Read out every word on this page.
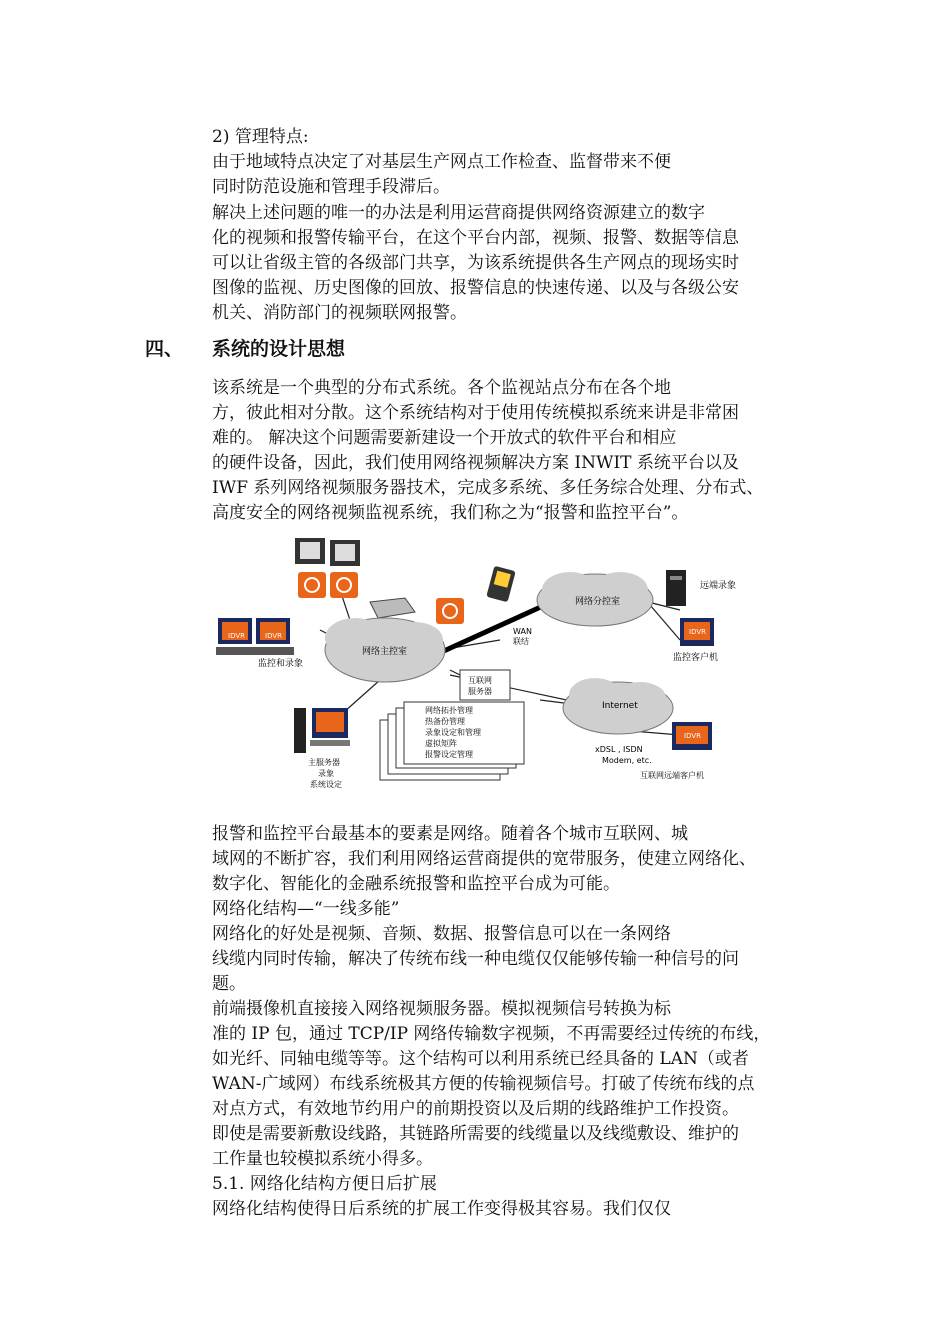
2) 管理特点:
由于地域特点决定了对基层生产网点工作检查、监督带来不便
同时防范设施和管理手段滞后。
解决上述问题的唯一的办法是利用运营商提供网络资源建立的数字
化的视频和报警传输平台，在这个平台内部，视频、报警、数据等信息
可以让省级主管的各级部门共享，为该系统提供各生产网点的现场实时
图像的监视、历史图像的回放、报警信息的快速传递、以及与各级公安
机关、消防部门的视频联网报警。
四、 系统的设计思想
该系统是一个典型的分布式系统。各个监视站点分布在各个地
方，彼此相对分散。这个系统结构对于使用传统模拟系统来讲是非常困
难的。 解决这个问题需要新建设一个开放式的软件平台和相应
的硬件设备，因此，我们使用网络视频解决方案 INWIT 系统平台以及
IWF 系列网络视频服务器技术，完成多系统、多任务综合处理、分布式、
高度安全的网络视频监视系统，我们称之为“报警和监控平台”。
IDVR	IDVR
监控和录象
网络主控室
网络分控室
WAN
联结
远端录象
IDVR
监控客户机
互联网
服务器
Internet
xDSL , ISDN
Modem, etc.
IDVR
互联网远端客户机
主服务器
录象
系统设定
网络拓扑管理
热备份管理
录象设定和管理
虚拟矩阵
报警设定管理
报警和监控平台最基本的要素是网络。随着各个城市互联网、城
域网的不断扩容，我们利用网络运营商提供的宽带服务，使建立网络化、
数字化、智能化的金融系统报警和监控平台成为可能。
网络化结构—“一线多能”
网络化的好处是视频、音频、数据、报警信息可以在一条网络
线缆内同时传输，解决了传统布线一种电缆仅仅能够传输一种信号的问
题。
前端摄像机直接接入网络视频服务器。模拟视频信号转换为标
准的 IP 包，通过 TCP/IP 网络传输数字视频，不再需要经过传统的布线，
如光纤、同轴电缆等等。这个结构可以利用系统已经具备的 LAN（或者
WAN-广域网）布线系统极其方便的传输视频信号。打破了传统布线的点
对点方式，有效地节约用户的前期投资以及后期的线路维护工作投资。
即使是需要新敷设线路，其链路所需要的线缆量以及线缆敷设、维护的
工作量也较模拟系统小得多。
5.1. 网络化结构方便日后扩展
网络化结构使得日后系统的扩展工作变得极其容易。我们仅仅
